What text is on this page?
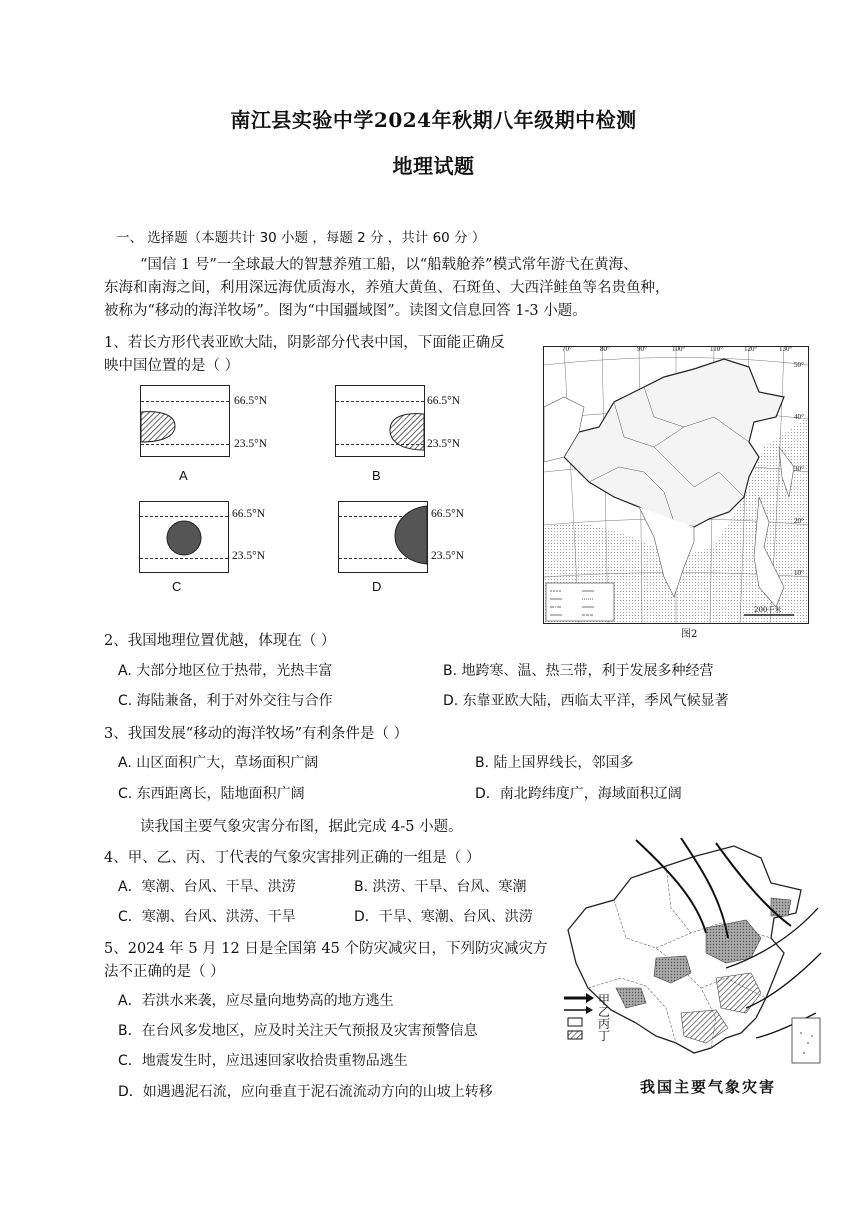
南江县实验中学2024年秋期八年级期中检测
地理试题
一、 选择题（本题共计 30 小题 ，每题 2 分 ，共计 60 分 ）
“国信 1 号”一全球最大的智慧养殖工船，以“船载舱养”模式常年游弋在黄海、
东海和南海之间，利用深远海优质海水，养殖大黄鱼、石斑鱼、大西洋鲑鱼等名贵鱼种，
被称为“移动的海洋牧场”。图为“中国疆域图”。读图文信息回答 1-3 小题。
1、若长方形代表亚欧大陆，阴影部分代表中国，下面能正确反
映中国位置的是（ ）
66.5°N
23.5°N
A
66.5°N
23.5°N
B
66.5°N
23.5°N
C
66.5°N
23.5°N
D
70°	80°	90°	100°	110°	120°	130°
50°
40°
30°
20°
10°
200千米
图2
2、我国地理位置优越，体现在（ ）
A. 大部分地区位于热带，光热丰富	B. 地跨寒、温、热三带，利于发展多种经营
C. 海陆兼备，利于对外交往与合作	D. 东靠亚欧大陆，西临太平洋，季风气候显著
3、我国发展“移动的海洋牧场”有利条件是（ ）
A. 山区面积广大，草场面积广阔	B. 陆上国界线长，邻国多
C. 东西距离长，陆地面积广阔	D．南北跨纬度广，海域面积辽阔
读我国主要气象灾害分布图，据此完成 4-5 小题。
4、甲、乙、丙、丁代表的气象灾害排列正确的一组是（ ）
A．寒潮、台风、干旱、洪涝	B. 洪涝、干旱、台风、寒潮
C．寒潮、台风、洪涝、干旱	D．干旱、寒潮、台风、洪涝
5、2024 年 5 月 12 日是全国第 45 个防灾减灾日，下列防灾减灾方
法不正确的是（ ）
A．若洪水来袭，应尽量向地势高的地方逃生
B．在台风多发地区，应及时关注天气预报及灾害预警信息
C．地震发生时，应迅速回家收拾贵重物品逃生
D．如遇遇泥石流，应向垂直于泥石流流动方向的山坡上转移
甲
乙
丙
丁
我国主要气象灾害
